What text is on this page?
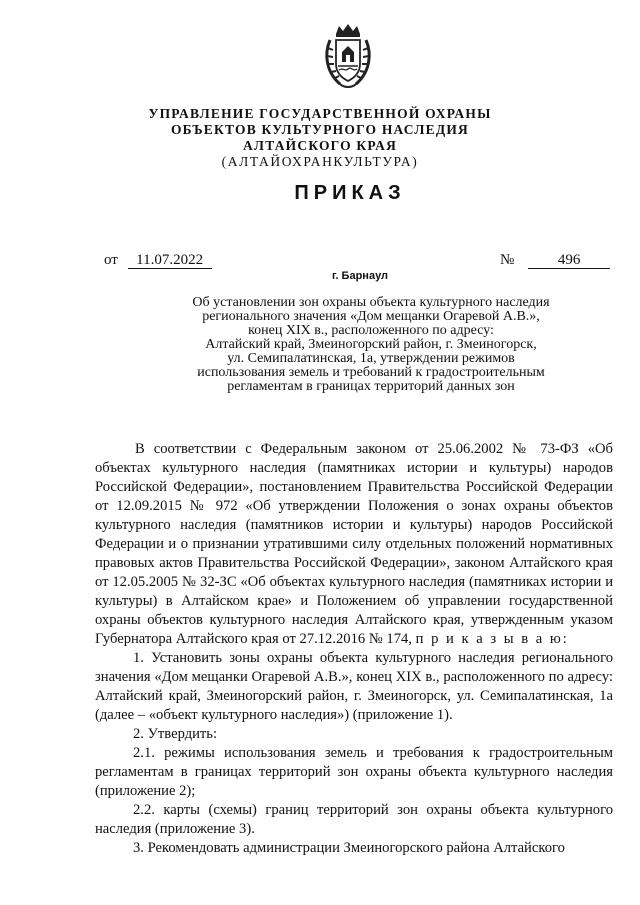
УПРАВЛЕНИЕ ГОСУДАРСТВЕННОЙ ОХРАНЫ
ОБЪЕКТОВ КУЛЬТУРНОГО НАСЛЕДИЯ
АЛТАЙСКОГО КРАЯ
(АЛТАЙОХРАНКУЛЬТУРА)
ПРИКАЗ
от 11.07.2022	№	496
г. Барнаул
Об установлении зон охраны объекта культурного наследия
регионального значения «Дом мещанки Огаревой А.В.»,
конец XIX в., расположенного по адресу:
Алтайский край, Змеиногорский район, г. Змеиногорск,
ул. Семипалатинская, 1а, утверждении режимов
использования земель и требований к градостроительным
регламентам в границах территорий данных зон

В соответствии с Федеральным законом от 25.06.2002 № 73-ФЗ «Об объектах культурного наследия (памятниках истории и культуры) народов Российской Федерации», постановлением Правительства Российской Федерации от 12.09.2015 № 972 «Об утверждении Положения о зонах охраны объектов культурного наследия (памятников истории и культуры) народов Российской Федерации и о признании утратившими силу отдельных положений нормативных правовых актов Правительства Российской Федерации», законом Алтайского края от 12.05.2005 № 32-ЗС «Об объектах культурного наследия (памятниках истории и культуры) в Алтайском крае» и Положением об управлении государственной охраны объектов культурного наследия Алтайского края, утвержденным указом Губернатора Алтайского края от 27.12.2016 № 174, п р и к а з ы в а ю:

1. Установить зоны охраны объекта культурного наследия регионального значения «Дом мещанки Огаревой А.В.», конец XIX в., расположенного по адресу: Алтайский край, Змеиногорский район, г. Змеиногорск, ул. Семипалатинская, 1а (далее – «объект культурного наследия») (приложение 1).

2. Утвердить:

2.1. режимы использования земель и требования к градостроительным регламентам в границах территорий зон охраны объекта культурного наследия (приложение 2);

2.2. карты (схемы) границ территорий зон охраны объекта культурного наследия (приложение 3).

3. Рекомендовать администрации Змеиногорского района Алтайского
